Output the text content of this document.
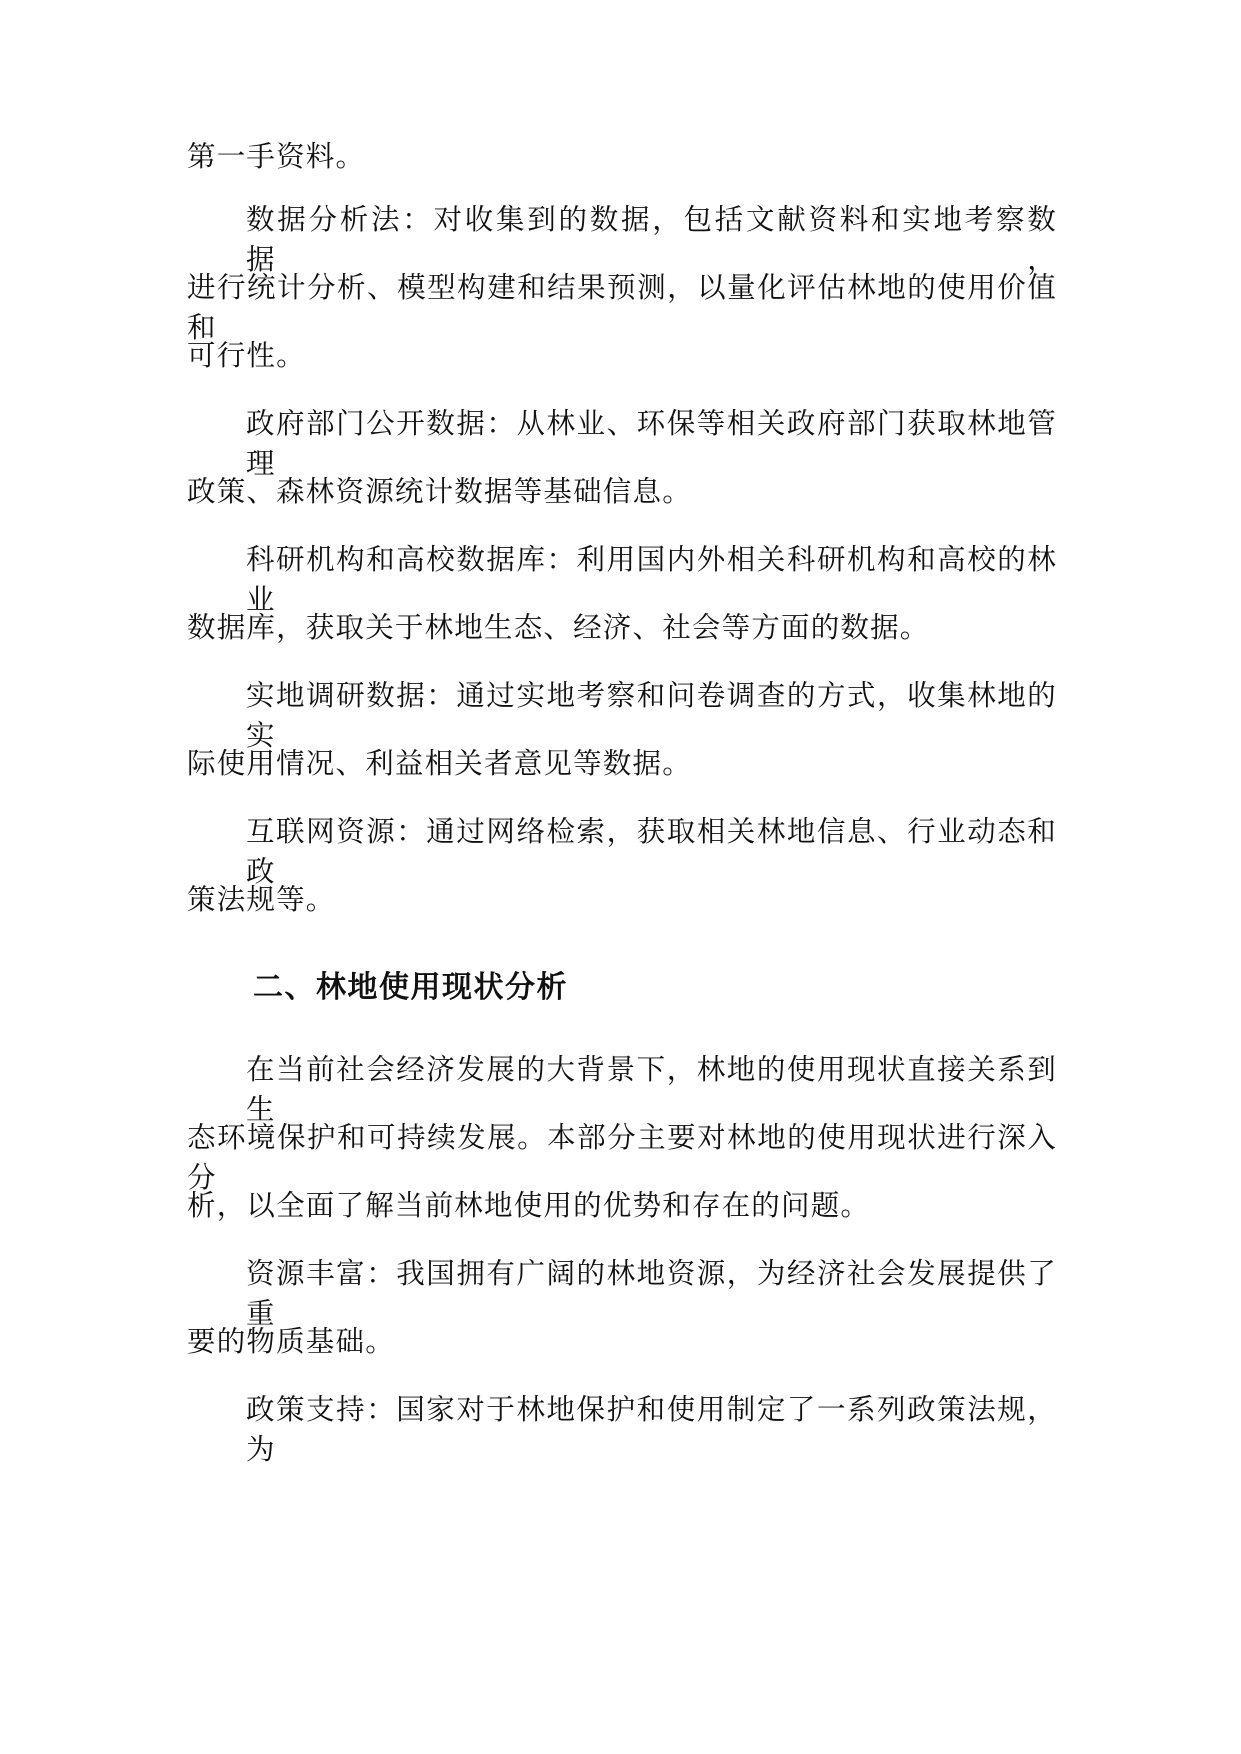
第一手资料。
数据分析法：对收集到的数据，包括文献资料和实地考察数据，
进行统计分析、模型构建和结果预测，以量化评估林地的使用价值和
可行性。
政府部门公开数据：从林业、环保等相关政府部门获取林地管理
政策、森林资源统计数据等基础信息。
科研机构和高校数据库：利用国内外相关科研机构和高校的林业
数据库，获取关于林地生态、经济、社会等方面的数据。
实地调研数据：通过实地考察和问卷调查的方式，收集林地的实
际使用情况、利益相关者意见等数据。
互联网资源：通过网络检索，获取相关林地信息、行业动态和政
策法规等。
二、林地使用现状分析
在当前社会经济发展的大背景下，林地的使用现状直接关系到生
态环境保护和可持续发展。本部分主要对林地的使用现状进行深入分
析，以全面了解当前林地使用的优势和存在的问题。
资源丰富：我国拥有广阔的林地资源，为经济社会发展提供了重
要的物质基础。
政策支持：国家对于林地保护和使用制定了一系列政策法规，为
